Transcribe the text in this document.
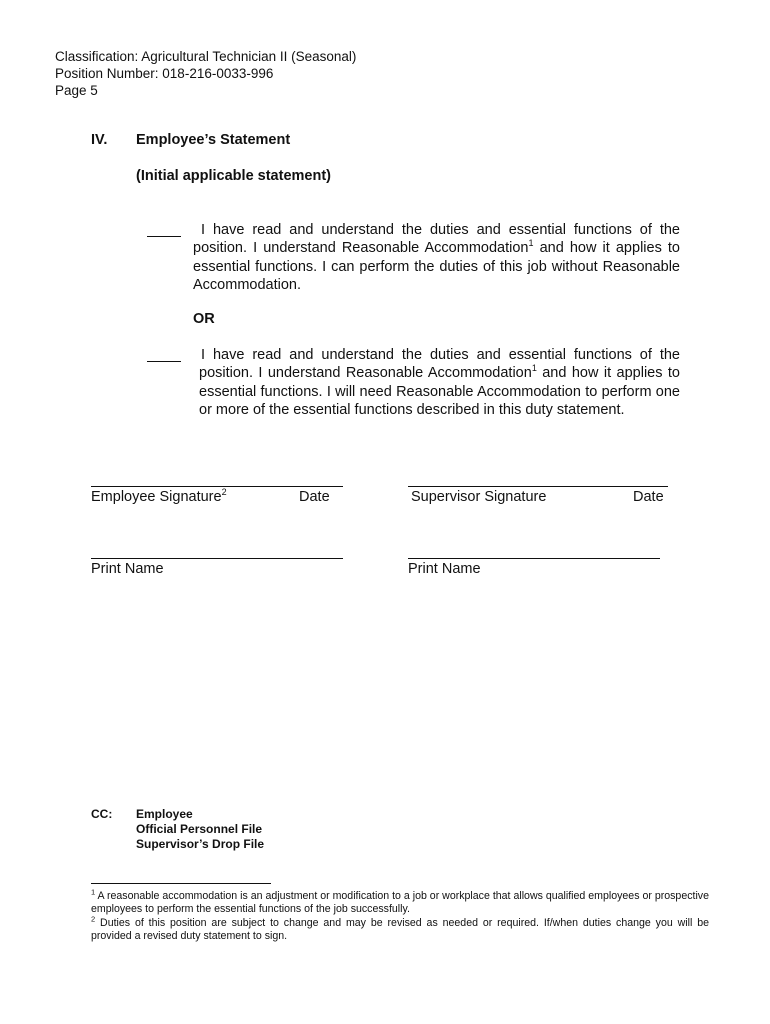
Classification: Agricultural Technician II (Seasonal)
Position Number: 018-216-0033-996
Page 5
IV. Employee’s Statement
(Initial applicable statement)
I have read and understand the duties and essential functions of the position. I understand Reasonable Accommodation$^1$ and how it applies to essential functions. I can perform the duties of this job without Reasonable Accommodation.
OR
I have read and understand the duties and essential functions of the position. I understand Reasonable Accommodation$^1$ and how it applies to essential functions. I will need Reasonable Accommodation to perform one or more of the essential functions described in this duty statement.
Employee Signature$^2$	Date	Supervisor Signature	Date
Print Name	Print Name
CC: Employee
Official Personnel File
Supervisor’s Drop File
$^1$ A reasonable accommodation is an adjustment or modification to a job or workplace that allows qualified employees or prospective employees to perform the essential functions of the job successfully.
$^2$ Duties of this position are subject to change and may be revised as needed or required. If/when duties change you will be provided a revised duty statement to sign.
